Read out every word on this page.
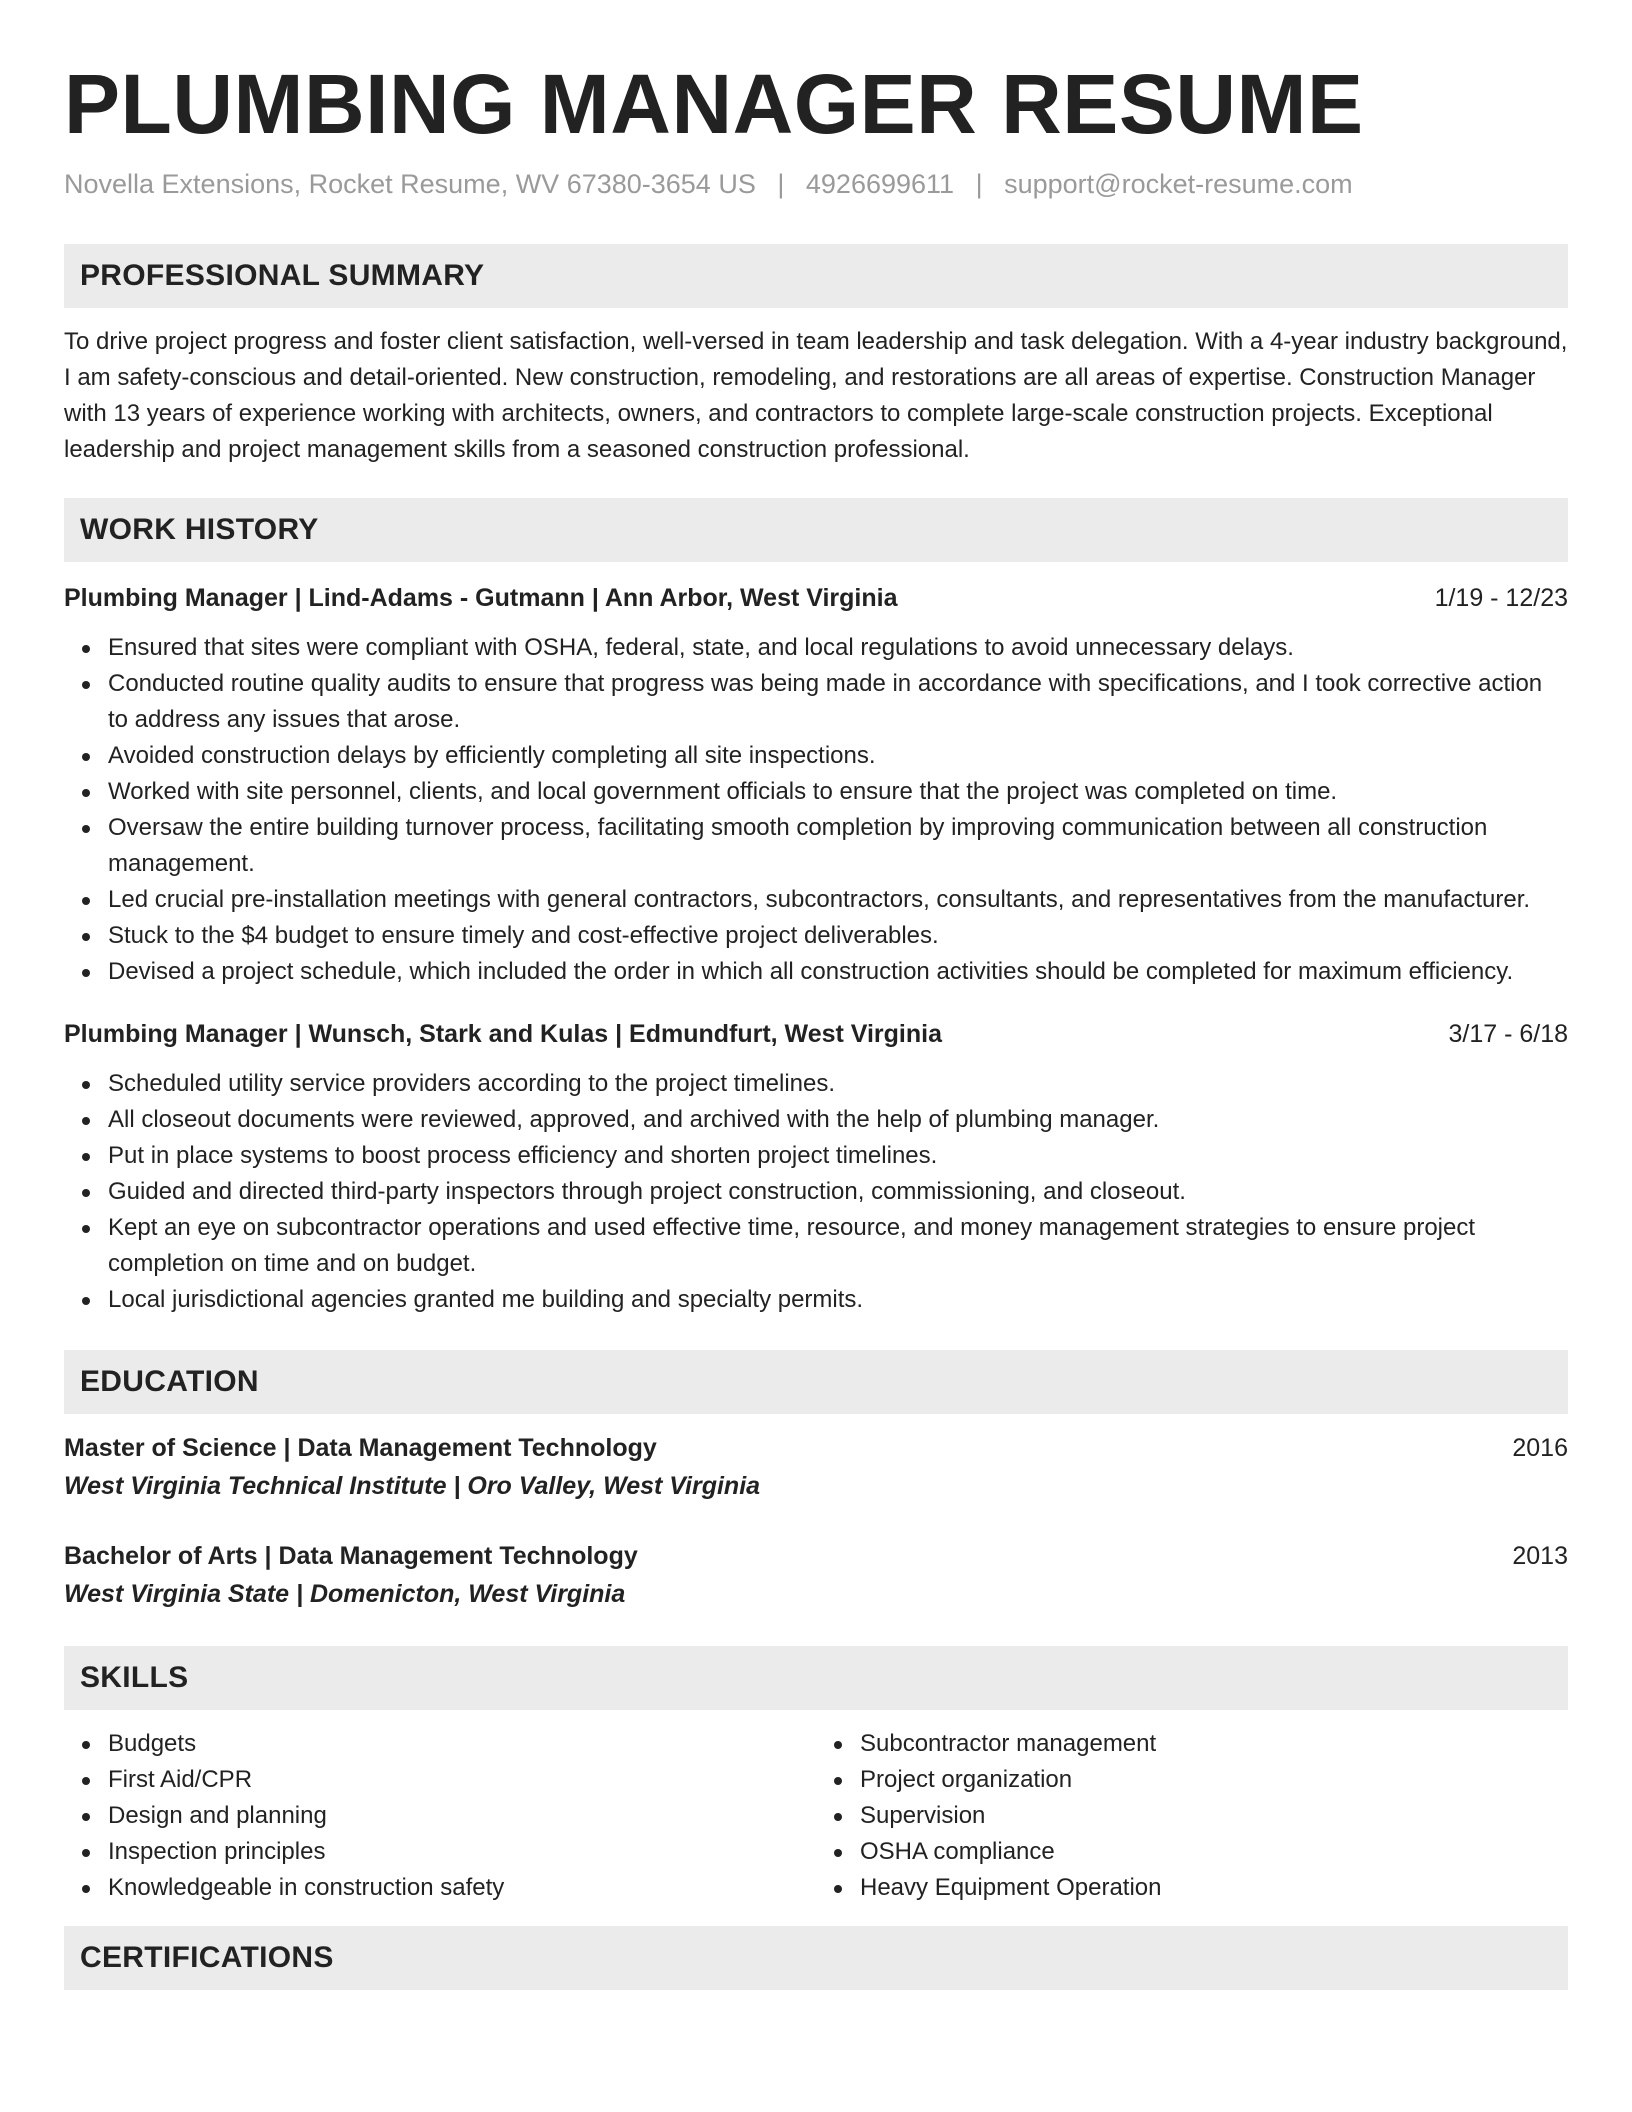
PLUMBING MANAGER RESUME
Novella Extensions, Rocket Resume, WV 67380-3654 US | 4926699611 | support@rocket-resume.com
PROFESSIONAL SUMMARY

To drive project progress and foster client satisfaction, well-versed in team leadership and task delegation. With a 4-year industry background, I am safety-conscious and detail-oriented. New construction, remodeling, and restorations are all areas of expertise. Construction Manager with 13 years of experience working with architects, owners, and contractors to complete large-scale construction projects. Exceptional leadership and project management skills from a seasoned construction professional.

WORK HISTORY
Plumbing Manager | Lind-Adams - Gutmann | Ann Arbor, West Virginia	1/19 - 12/23
Ensured that sites were compliant with OSHA, federal, state, and local regulations to avoid unnecessary delays.
Conducted routine quality audits to ensure that progress was being made in accordance with specifications, and I took corrective action to address any issues that arose.
Avoided construction delays by efficiently completing all site inspections.
Worked with site personnel, clients, and local government officials to ensure that the project was completed on time.
Oversaw the entire building turnover process, facilitating smooth completion by improving communication between all construction management.
Led crucial pre-installation meetings with general contractors, subcontractors, consultants, and representatives from the manufacturer.
Stuck to the $4 budget to ensure timely and cost-effective project deliverables.
Devised a project schedule, which included the order in which all construction activities should be completed for maximum efficiency.
Plumbing Manager | Wunsch, Stark and Kulas | Edmundfurt, West Virginia	3/17 - 6/18
Scheduled utility service providers according to the project timelines.
All closeout documents were reviewed, approved, and archived with the help of plumbing manager.
Put in place systems to boost process efficiency and shorten project timelines.
Guided and directed third-party inspectors through project construction, commissioning, and closeout.
Kept an eye on subcontractor operations and used effective time, resource, and money management strategies to ensure project completion on time and on budget.
Local jurisdictional agencies granted me building and specialty permits.
EDUCATION
Master of Science | Data Management Technology	2016
West Virginia Technical Institute | Oro Valley, West Virginia
Bachelor of Arts | Data Management Technology	2013
West Virginia State | Domenicton, West Virginia
SKILLS
Budgets
First Aid/CPR
Design and planning
Inspection principles
Knowledgeable in construction safety
Subcontractor management
Project organization
Supervision
OSHA compliance
Heavy Equipment Operation
CERTIFICATIONS
